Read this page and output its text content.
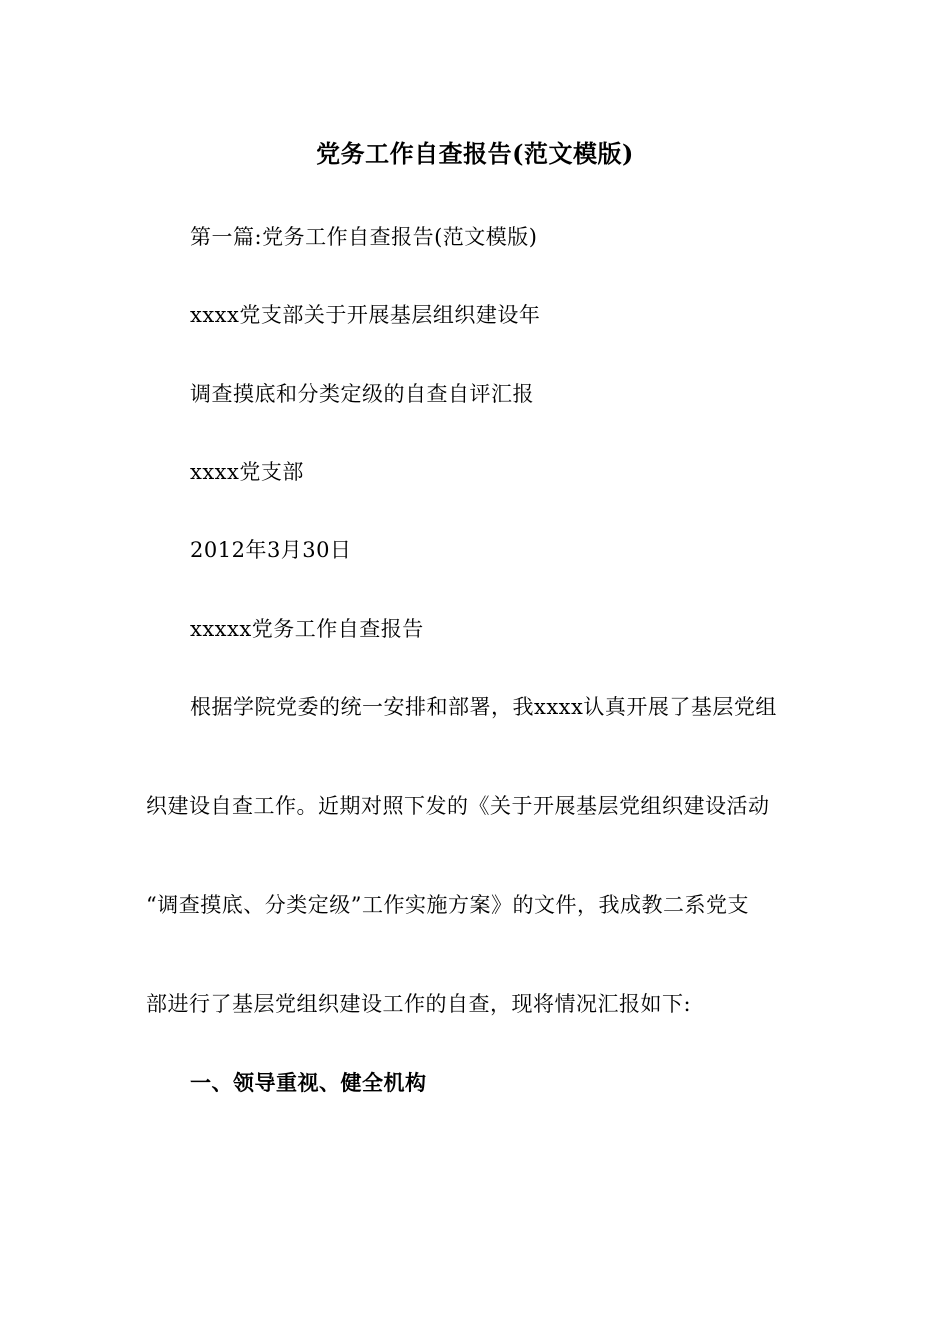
党务工作自查报告(范文模版)
第一篇:党务工作自查报告(范文模版)
xxxx党支部关于开展基层组织建设年
调查摸底和分类定级的自查自评汇报
xxxx党支部
2012年3月30日
xxxxx党务工作自查报告
根据学院党委的统一安排和部署，我xxxx认真开展了基层党组
织建设自查工作。近期对照下发的《关于开展基层党组织建设活动
“调查摸底、分类定级”工作实施方案》的文件，我成教二系党支
部进行了基层党组织建设工作的自查，现将情况汇报如下:
一、领导重视、健全机构
